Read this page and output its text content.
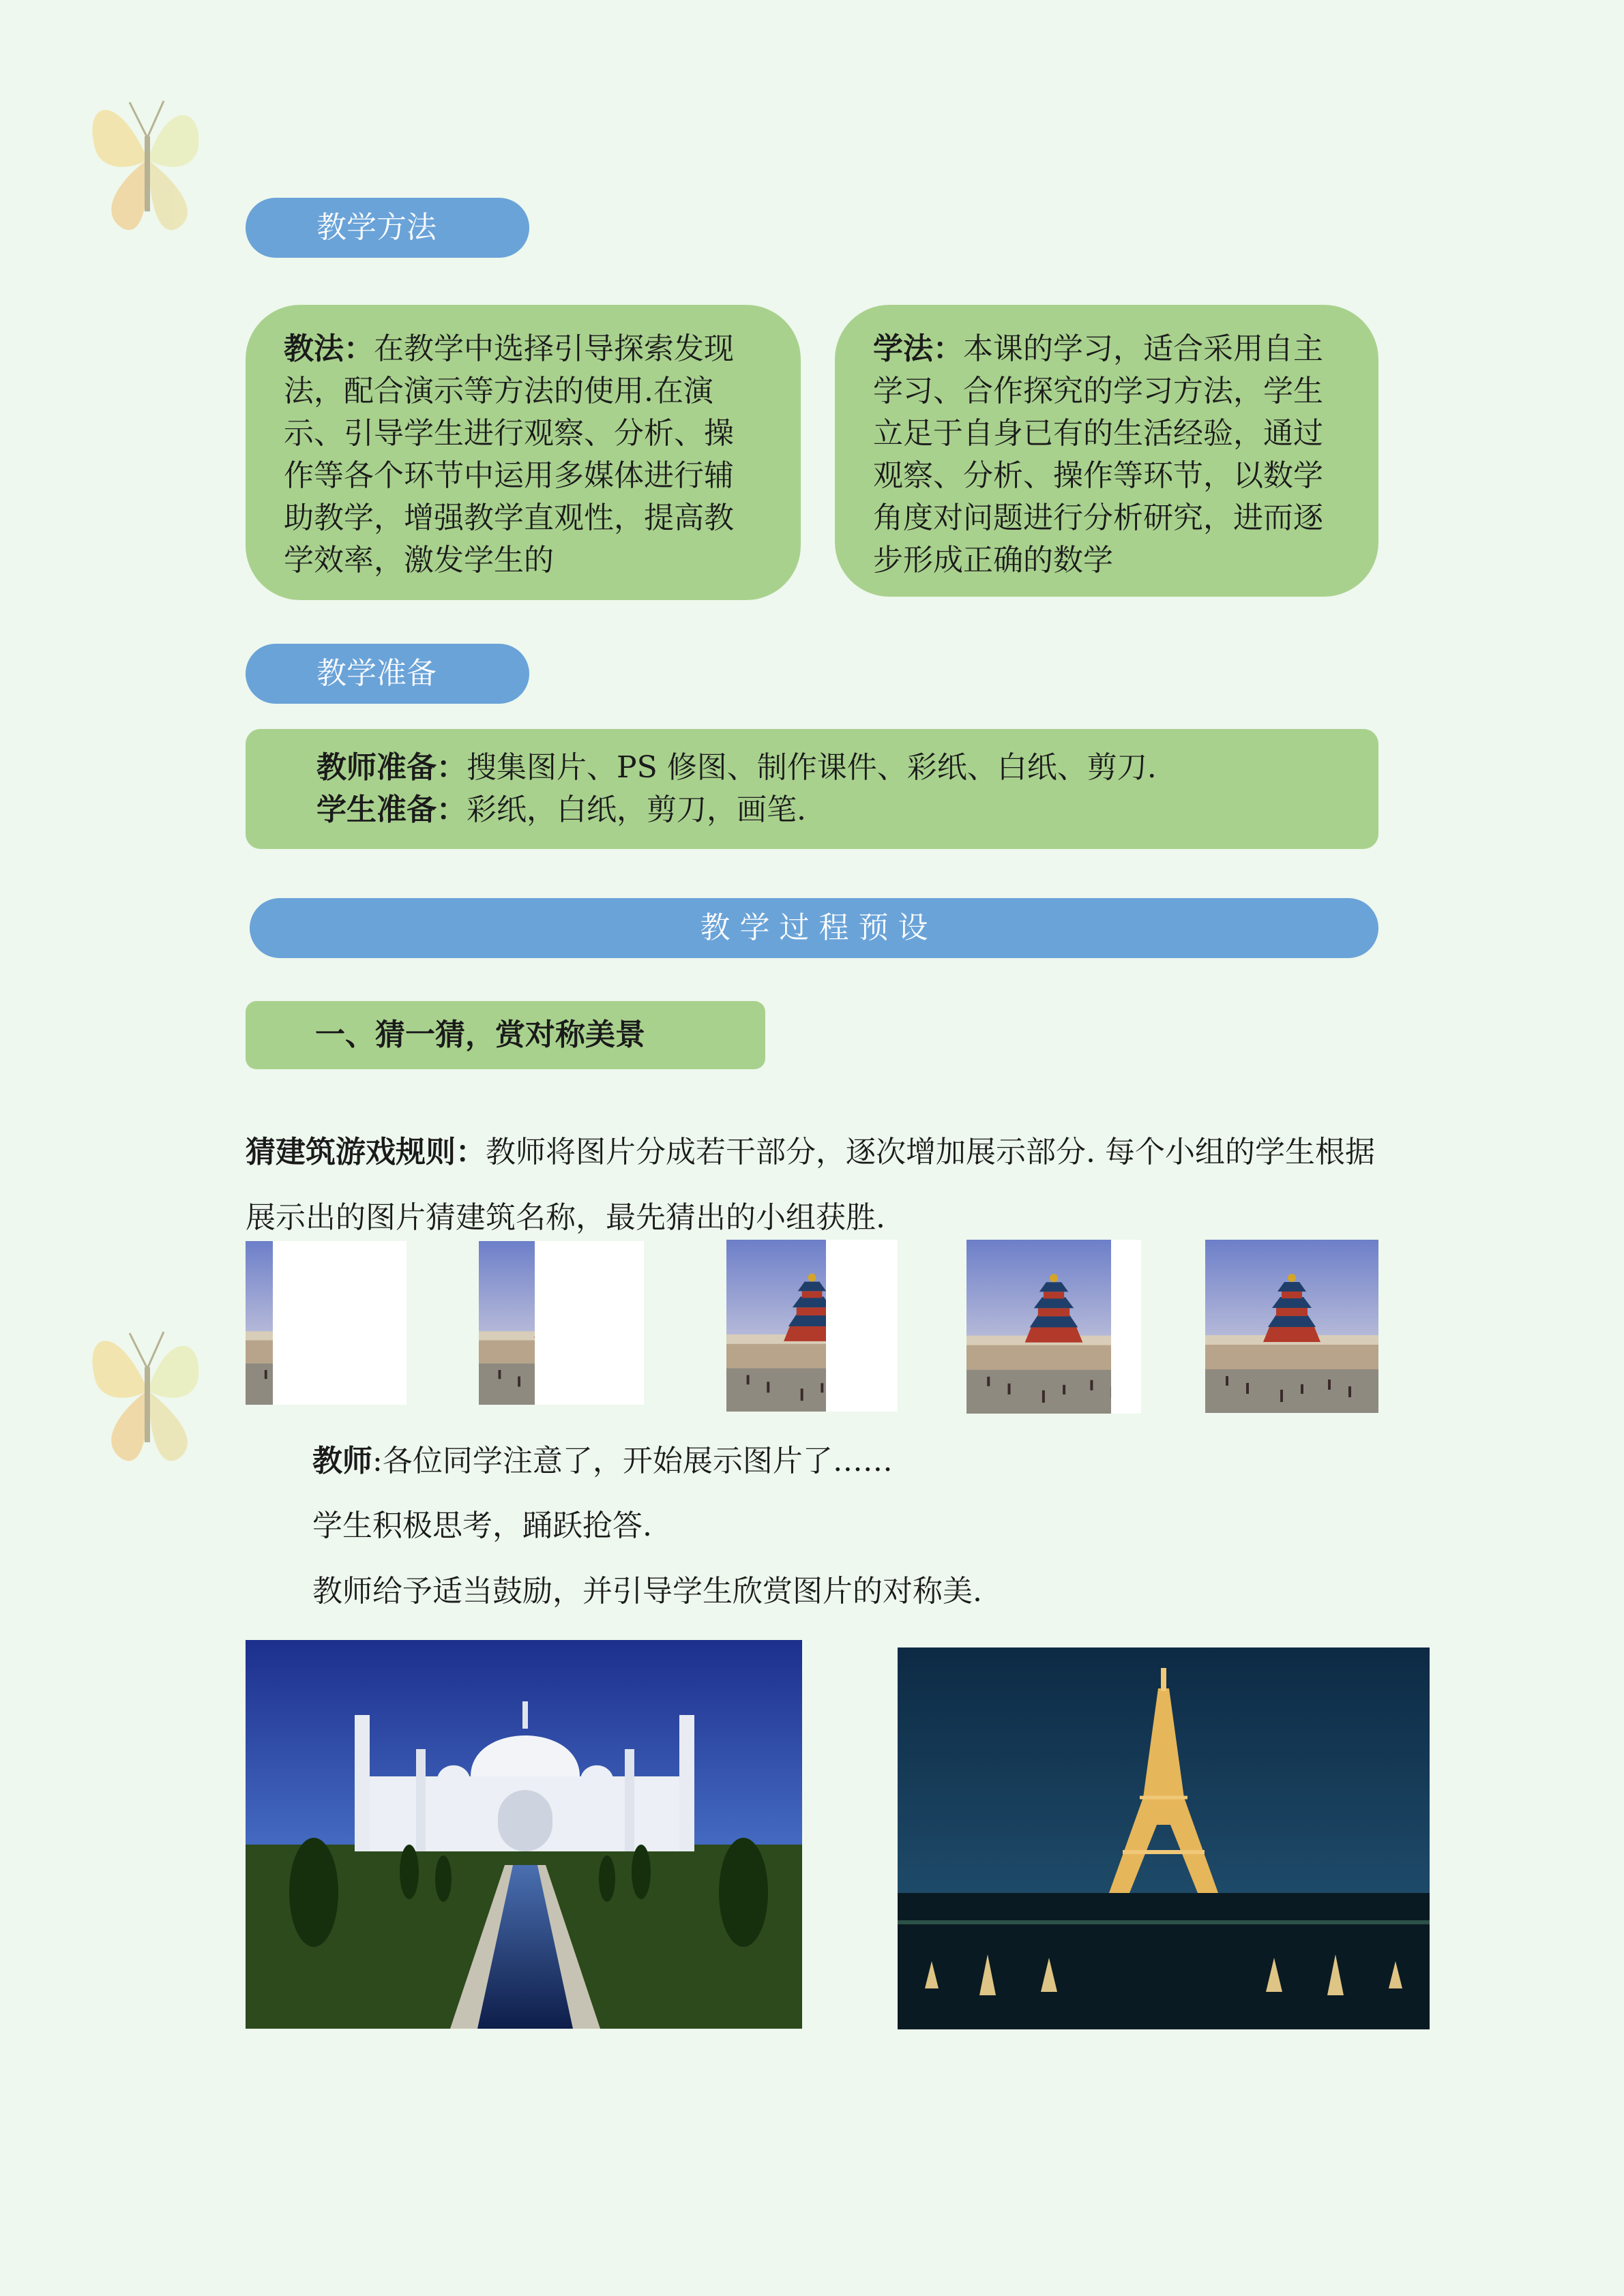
教学方法
教法：在教学中选择引导探索发现法，配合演示等方法的使用.在演示、引导学生进行观察、分析、操作等各个环节中运用多媒体进行辅助教学，增强教学直观性，提高教学效率，激发学生的
学法：本课的学习，适合采用自主学习、合作探究的学习方法，学生立足于自身已有的生活经验，通过观察、分析、操作等环节，以数学角度对问题进行分析研究，进而逐步形成正确的数学
教学准备
教师准备：搜集图片、PS 修图、制作课件、彩纸、白纸、剪刀.
学生准备：彩纸，白纸，剪刀，画笔.
教 学 过 程 预 设
一、猜一猜，赏对称美景
猜建筑游戏规则：教师将图片分成若干部分，逐次增加展示部分. 每个小组的学生根据展示出的图片猜建筑名称，最先猜出的小组获胜.
教师:各位同学注意了，开始展示图片了……
学生积极思考，踊跃抢答.
教师给予适当鼓励，并引导学生欣赏图片的对称美.
